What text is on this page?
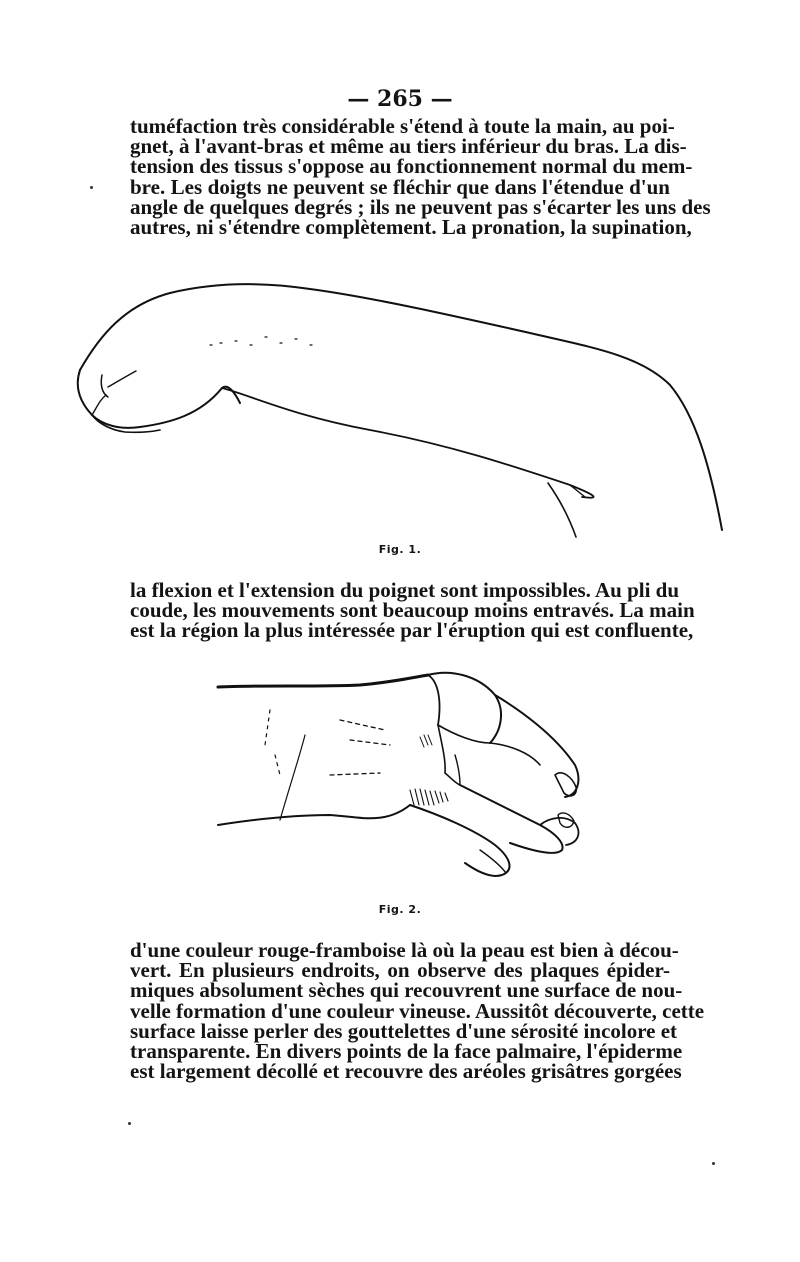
— 265 —

tuméfaction très considérable s'étend à toute la main, au poi-
gnet, à l'avant-bras et même au tiers inférieur du bras. La dis-
tension des tissus s'oppose au fonctionnement normal du mem-
bre. Les doigts ne peuvent se fléchir que dans l'étendue d'un
angle de quelques degrés ; ils ne peuvent pas s'écarter les uns des
autres, ni s'étendre complètement. La pronation, la supination,

Fig. 1.

la flexion et l'extension du poignet sont impossibles. Au pli du
coude, les mouvements sont beaucoup moins entravés. La main
est la région la plus intéressée par l'éruption qui est confluente,

Fig. 2.

d'une couleur rouge-framboise là où la peau est bien à décou-
vert. En plusieurs endroits, on observe des plaques épider-
miques absolument sèches qui recouvrent une surface de nou-
velle formation d'une couleur vineuse. Aussitôt découverte, cette
surface laisse perler des gouttelettes d'une sérosité incolore et
transparente. En divers points de la face palmaire, l'épiderme
est largement décollé et recouvre des aréoles grisâtres gorgées
